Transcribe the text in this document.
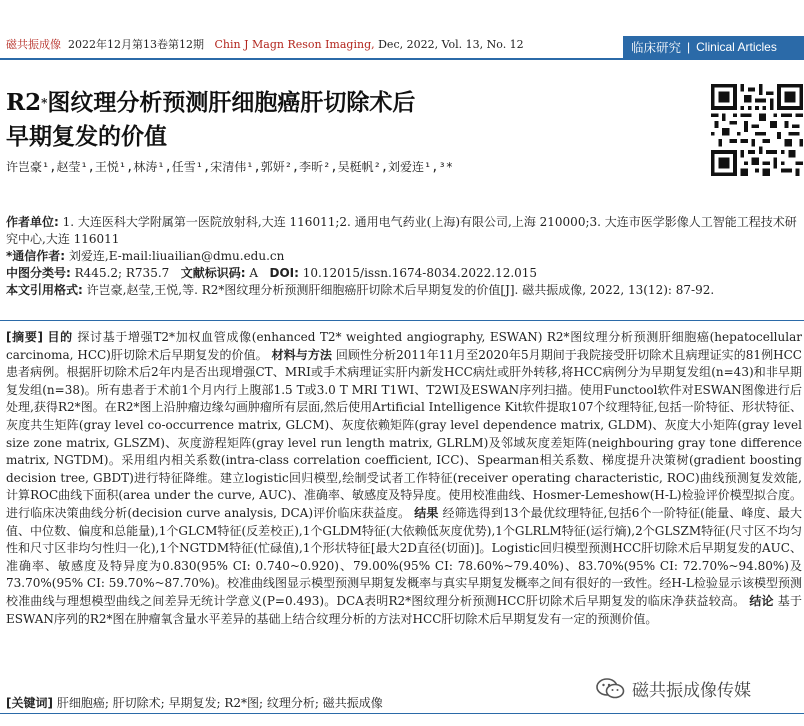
磁共振成像 2022年12月第13卷第12期 Chin J Magn Reson Imaging, Dec, 2022, Vol. 13, No. 12	临床研究 | Clinical Articles
R2*图纹理分析预测肝细胞癌肝切除术后
早期复发的价值
许岂豪¹,赵莹¹,王悦¹,林涛¹,任雪¹,宋清伟¹,郭妍²,李昕²,吴梃帆²,刘爱连¹,³*

作者单位: 1. 大连医科大学附属第一医院放射科,大连 116011;2. 通用电气药业(上海)有限公司,上海 210000;3. 大连市医学影像人工智能工程技术研究中心,大连 116011

*通信作者: 刘爱连,E-mail:liuailian@dmu.edu.cn

中图分类号: R445.2; R735.7 文献标识码: A DOI: 10.12015/issn.1674-8034.2022.12.015

本文引用格式: 许岂豪,赵莹,王悦,等. R2*图纹理分析预测肝细胞癌肝切除术后早期复发的价值[J]. 磁共振成像, 2022, 13(12): 87-92.

[摘要] 目的 探讨基于增强T2*加权血管成像(enhanced T2* weighted angiography, ESWAN) R2*图纹理分析预测肝细胞癌(hepatocellular carcinoma, HCC)肝切除术后早期复发的价值。 材料与方法 回顾性分析2011年11月至2020年5月期间于我院接受肝切除术且病理证实的81例HCC患者病例。根据肝切除术后2年内是否出现增强CT、MRI或手术病理证实肝内新发HCC病灶或肝外转移,将HCC病例分为早期复发组(n=43)和非早期复发组(n=38)。所有患者于术前1个月内行上腹部1.5 T或3.0 T MRI T1WI、T2WI及ESWAN序列扫描。使用Functool软件对ESWAN图像进行后处理,获得R2*图。在R2*图上沿肿瘤边缘勾画肿瘤所有层面,然后使用Artificial Intelligence Kit软件提取107个纹理特征,包括一阶特征、形状特征、灰度共生矩阵(gray level co-occurrence matrix, GLCM)、灰度依赖矩阵(gray level dependence matrix, GLDM)、灰度大小矩阵(gray level size zone matrix, GLSZM)、灰度游程矩阵(gray level run length matrix, GLRLM)及邻域灰度差矩阵(neighbouring gray tone difference matrix, NGTDM)。采用组内相关系数(intra-class correlation coefficient, ICC)、Spearman相关系数、梯度提升决策树(gradient boosting decision tree, GBDT)进行特征降维。建立logistic回归模型,绘制受试者工作特征(receiver operating characteristic, ROC)曲线预测复发效能,计算ROC曲线下面积(area under the curve, AUC)、准确率、敏感度及特异度。使用校准曲线、Hosmer-Lemeshow(H-L)检验评价模型拟合度。进行临床决策曲线分析(decision curve analysis, DCA)评价临床获益度。 结果 经筛选得到13个最优纹理特征,包括6个一阶特征(能量、峰度、最大值、中位数、偏度和总能量),1个GLCM特征(反差校正),1个GLDM特征(大依赖低灰度优势),1个GLRLM特征(运行熵),2个GLSZM特征(尺寸区不均匀性和尺寸区非均匀性归一化),1个NGTDM特征(忙碌值),1个形状特征[最大2D直径(切面)]。Logistic回归模型预测HCC肝切除术后早期复发的AUC、准确率、敏感度及特异度为0.830(95% CI: 0.740~0.920)、79.00%(95% CI: 78.60%~79.40%)、83.70%(95% CI: 72.70%~94.80%)及73.70%(95% CI: 59.70%~87.70%)。校准曲线图显示模型预测早期复发概率与真实早期复发概率之间有很好的一致性。经H-L检验显示该模型预测校准曲线与理想模型曲线之间差异无统计学意义(P=0.493)。DCA表明R2*图纹理分析预测HCC肝切除术后早期复发的临床净获益较高。 结论 基于ESWAN序列的R2*图在肿瘤氧含量水平差异的基础上结合纹理分析的方法对HCC肝切除术后早期复发有一定的预测价值。
[关键词] 肝细胞癌; 肝切除术; 早期复发; R2*图; 纹理分析; 磁共振成像
磁共振成像传媒
